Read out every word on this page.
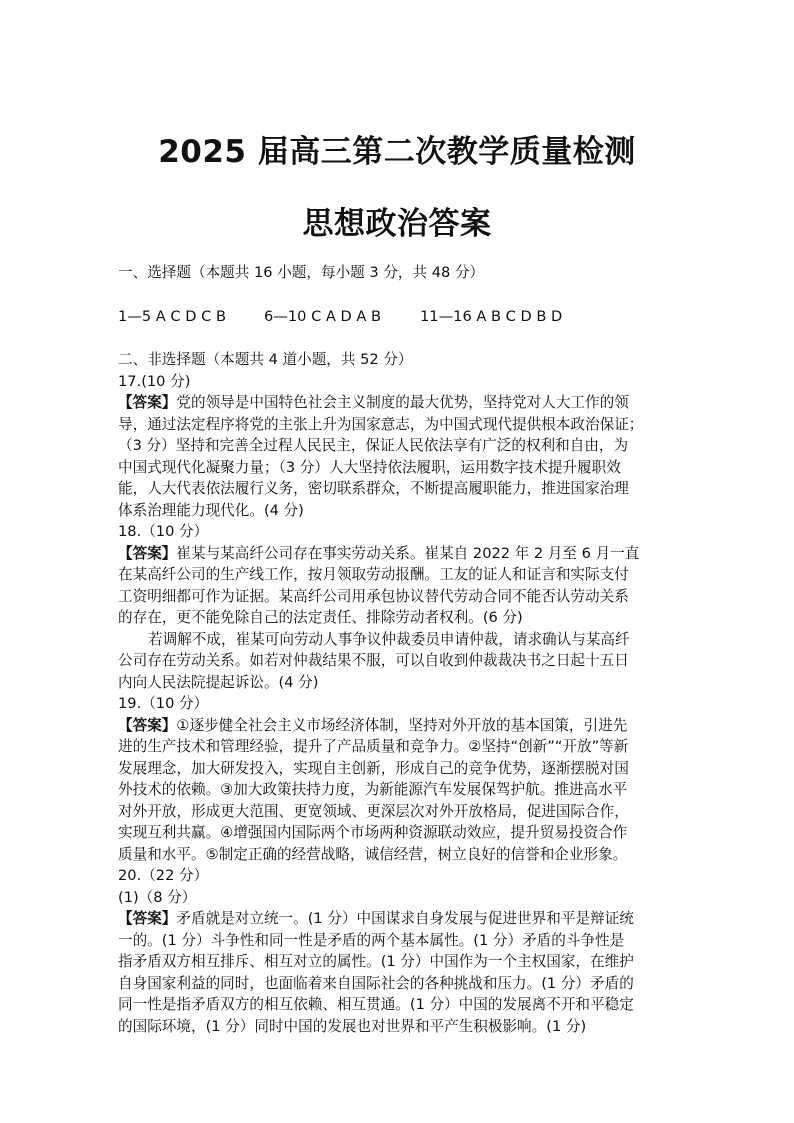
2025 届高三第二次教学质量检测
思想政治答案

一、选择题（本题共 16 小题，每小题 3 分，共 48 分）

1—5 A C D C B	6—10 C A D A B	11—16 A B C D B D

二、非选择题（本题共 4 道小题，共 52 分）

17.(10 分)

【答案】党的领导是中国特色社会主义制度的最大优势，坚持党对人大工作的领

导，通过法定程序将党的主张上升为国家意志，为中国式现代提供根本政治保证；

（3 分）坚持和完善全过程人民民主，保证人民依法享有广泛的权利和自由，为

中国式现代化凝聚力量；（3 分）人大坚持依法履职，运用数字技术提升履职效

能，人大代表依法履行义务，密切联系群众，不断提高履职能力，推进国家治理

体系治理能力现代化。(4 分)

18.（10 分）

【答案】崔某与某高纤公司存在事实劳动关系。崔某自 2022 年 2 月至 6 月一直

在某高纤公司的生产线工作，按月领取劳动报酬。工友的证人和证言和实际支付

工资明细都可作为证据。某高纤公司用承包协议替代劳动合同不能否认劳动关系

的存在，更不能免除自己的法定责任、排除劳动者权利。(6 分)

若调解不成，崔某可向劳动人事争议仲裁委员申请仲裁，请求确认与某高纤

公司存在劳动关系。如若对仲裁结果不服，可以自收到仲裁裁决书之日起十五日

内向人民法院提起诉讼。(4 分)

19.（10 分）

【答案】①逐步健全社会主义市场经济体制，坚持对外开放的基本国策，引进先

进的生产技术和管理经验，提升了产品质量和竞争力。②坚持“创新”“开放”等新

发展理念，加大研发投入，实现自主创新，形成自己的竞争优势，逐渐摆脱对国

外技术的依赖。③加大政策扶持力度，为新能源汽车发展保驾护航。推进高水平

对外开放，形成更大范围、更宽领域、更深层次对外开放格局，促进国际合作，

实现互利共赢。④增强国内国际两个市场两种资源联动效应，提升贸易投资合作

质量和水平。⑤制定正确的经营战略，诚信经营，树立良好的信誉和企业形象。

20.（22 分）

(1)（8 分）

【答案】矛盾就是对立统一。(1 分）中国谋求自身发展与促进世界和平是辩证统

一的。(1 分）斗争性和同一性是矛盾的两个基本属性。(1 分）矛盾的斗争性是

指矛盾双方相互排斥、相互对立的属性。(1 分）中国作为一个主权国家，在维护

自身国家利益的同时，也面临着来自国际社会的各种挑战和压力。(1 分）矛盾的

同一性是指矛盾双方的相互依赖、相互贯通。(1 分）中国的发展离不开和平稳定

的国际环境，(1 分）同时中国的发展也对世界和平产生积极影响。(1 分)
